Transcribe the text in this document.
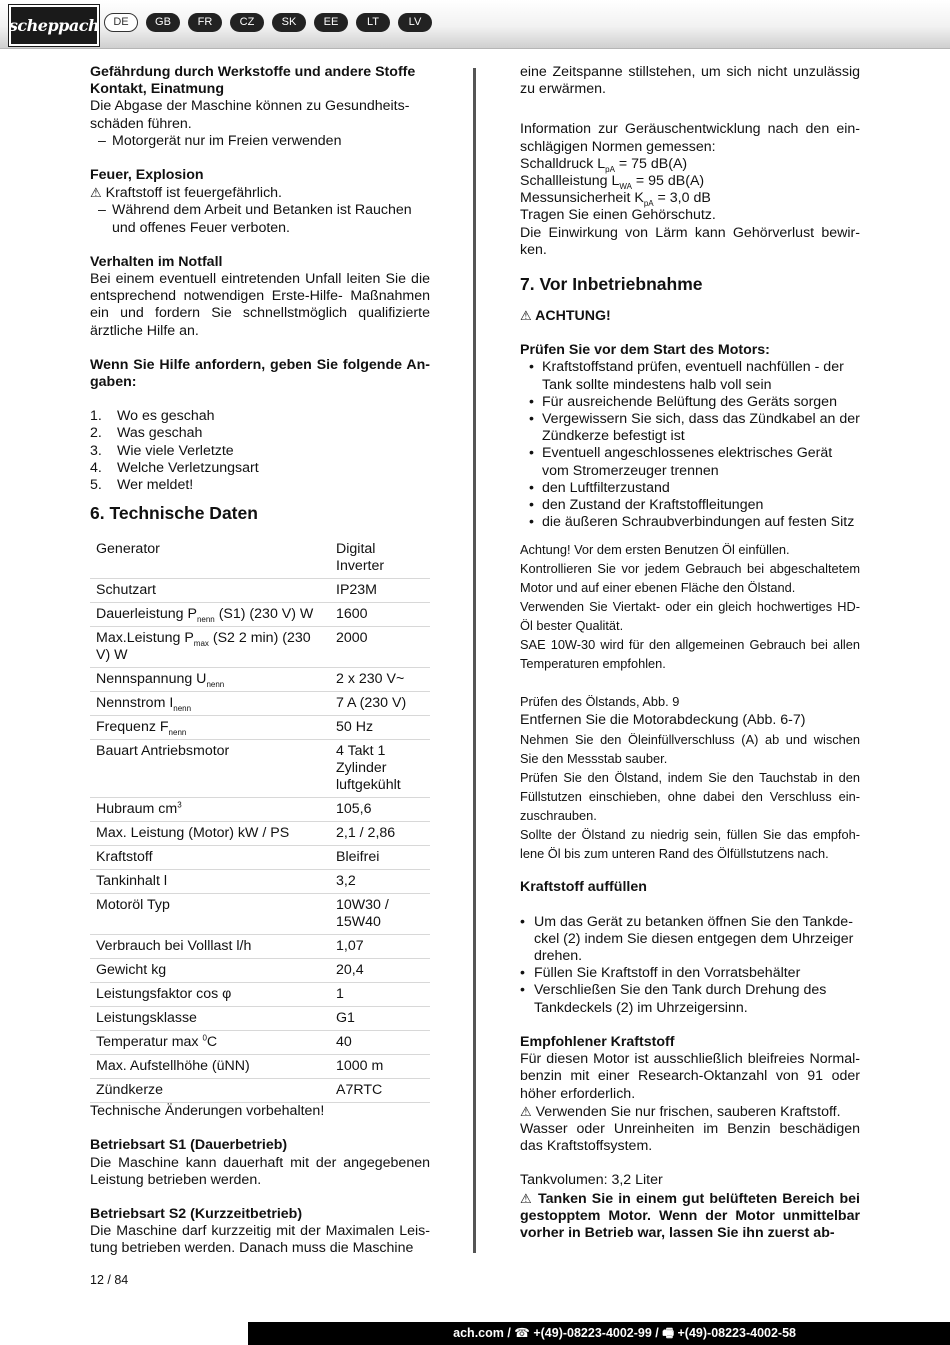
scheppach	DE	GB	FR	CZ	SK	EE	LT	LV

Gefährdung durch Werkstoffe und andere Stoffe Kontakt, Einatmung

Die Abgase der Maschine können zu Gesundheitsschäden führen.

– Motorgerät nur im Freien verwenden

Feuer, Explosion

⚠ Kraftstoff ist feuergefährlich.

– Während dem Arbeit und Betanken ist Rauchen und offenes Feuer verboten.

Verhalten im Notfall

Bei einem eventuell eintretenden Unfall leiten Sie die entsprechend notwendigen Erste-Hilfe- Maßnahmen ein und fordern Sie schnellstmöglich qualifizierte ärztliche Hilfe an.

Wenn Sie Hilfe anfordern, geben Sie folgende Angaben:

1. Wo es geschah
2. Was geschah
3. Wie viele Verletzte
4. Welche Verletzungsart
5. Wer meldet!
6. Technische Daten
Generator	Digital Inverter
Schutzart	IP23M
Dauerleistung $P_{nenn}$ (S1) (230 V) W	1600
Max.Leistung $P_{max}$ (S2 2 min) (230 V) W	2000
Nennspannung $U_{nenn}$	2 x 230 V~
Nennstrom $I_{nenn}$	7 A (230 V)
Frequenz $F_{nenn}$	50 Hz
Bauart Antriebsmotor	4 Takt 1 Zylinder luftgekühlt
Hubraum $cm^3$	105,6
Max. Leistung (Motor) kW / PS	2,1 / 2,86
Kraftstoff	Bleifrei
Tankinhalt l	3,2
Motoröl Typ	10W30 / 15W40
Verbrauch bei Volllast l/h	1,07
Gewicht kg	20,4
Leistungsfaktor cos φ	1
Leistungsklasse	G1
Temperatur max $^0$C	40
Max. Aufstellhöhe (üNN)	1000 m
Zündkerze	A7RTC

Technische Änderungen vorbehalten!

Betriebsart S1 (Dauerbetrieb)

Die Maschine kann dauerhaft mit der angegebenen Leistung betrieben werden.

Betriebsart S2 (Kurzzeitbetrieb)

Die Maschine darf kurzzeitig mit der Maximalen Leistung betrieben werden. Danach muss die Maschine

eine Zeitspanne stillstehen, um sich nicht unzulässig zu erwärmen.

Information zur Geräuschentwicklung nach den einschlägigen Normen gemessen:

Schalldruck $L_{pA} = 75$ dB(A)

Schallleistung $L_{WA} = 95$ dB(A)

Messunsicherheit $K_{pA} = 3,0$ dB

Tragen Sie einen Gehörschutz.

Die Einwirkung von Lärm kann Gehörverlust bewirken.

7. Vor Inbetriebnahme

⚠ ACHTUNG!

Prüfen Sie vor dem Start des Motors:

• Kraftstoffstand prüfen, eventuell nachfüllen - der Tank sollte mindestens halb voll sein
• Für ausreichende Belüftung des Geräts sorgen
• Vergewissern Sie sich, dass das Zündkabel an der Zündkerze befestigt ist
• Eventuell angeschlossenes elektrisches Gerät vom Stromerzeuger trennen
• den Luftfilterzustand
• den Zustand der Kraftstoffleitungen
• die äußeren Schraubverbindungen auf festen Sitz

Achtung! Vor dem ersten Benutzen Öl einfüllen.

Kontrollieren Sie vor jedem Gebrauch bei abgeschaltetem Motor und auf einer ebenen Fläche den Ölstand.

Verwenden Sie Viertakt- oder ein gleich hochwertiges HD-Öl bester Qualität.

SAE 10W-30 wird für den allgemeinen Gebrauch bei allen Temperaturen empfohlen.

Prüfen des Ölstands, Abb. 9

Entfernen Sie die Motorabdeckung (Abb. 6-7)

Nehmen Sie den Öleinfüllverschluss (A) ab und wischen Sie den Messstab sauber.

Prüfen Sie den Ölstand, indem Sie den Tauchstab in den Füllstutzen einschieben, ohne dabei den Verschluss einzuschrauben.

Sollte der Ölstand zu niedrig sein, füllen Sie das empfohlene Öl bis zum unteren Rand des Ölfüllstutzens nach.

Kraftstoff auffüllen

• Um das Gerät zu betanken öffnen Sie den Tankdeckel (2) indem Sie diesen entgegen dem Uhrzeiger drehen.
• Füllen Sie Kraftstoff in den Vorratsbehälter
• Verschließen Sie den Tank durch Drehung des Tankdeckels (2) im Uhrzeigersinn.

Empfohlener Kraftstoff

Für diesen Motor ist ausschließlich bleifreies Normalbenzin mit einer Research-Oktanzahl von 91 oder höher erforderlich.

⚠ Verwenden Sie nur frischen, sauberen Kraftstoff.

Wasser oder Unreinheiten im Benzin beschädigen das Kraftstoffsystem.

Tankvolumen: 3,2 Liter

⚠ Tanken Sie in einem gut belüfteten Bereich bei gestopptem Motor. Wenn der Motor unmittelbar vorher in Betrieb war, lassen Sie ihn zuerst ab-

12 / 84
ach.com / ☎ +(49)-08223-4002-99 / 🖷 +(49)-08223-4002-58
